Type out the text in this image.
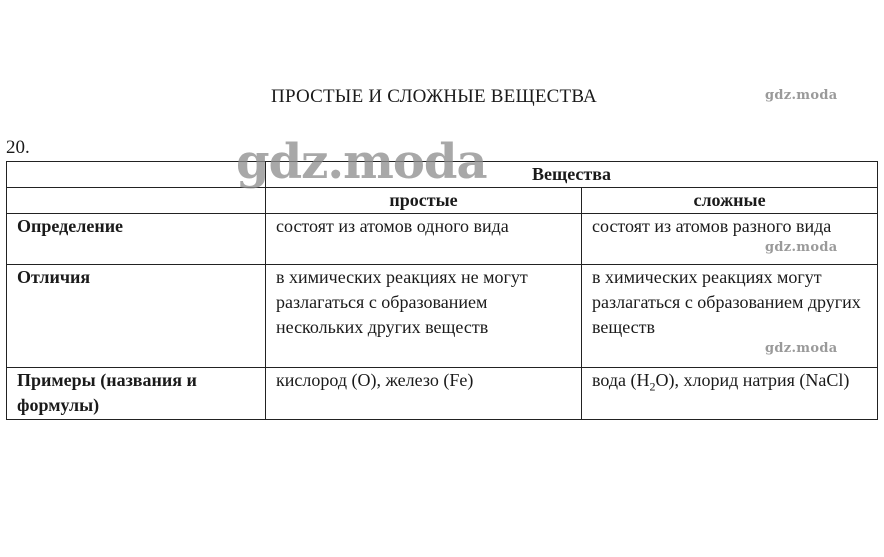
ПРОСТЫЕ И СЛОЖНЫЕ ВЕЩЕСТВА
20.
gdz.moda
	Вещества	
	простые	сложные
Определение	состоят из атомов одного вида	состоят из атомов разного вида
Отличия	в химических реакциях не могут разлагаться с образованием нескольких других веществ	в химических реакциях могут разлагаться с образованием других веществ
Примеры (названия и формулы)	кислород (O), железо (Fe)	вода $(H_2O)$, хлорид натрия (NaCl)
gdz.moda
gdz.moda
gdz.moda
